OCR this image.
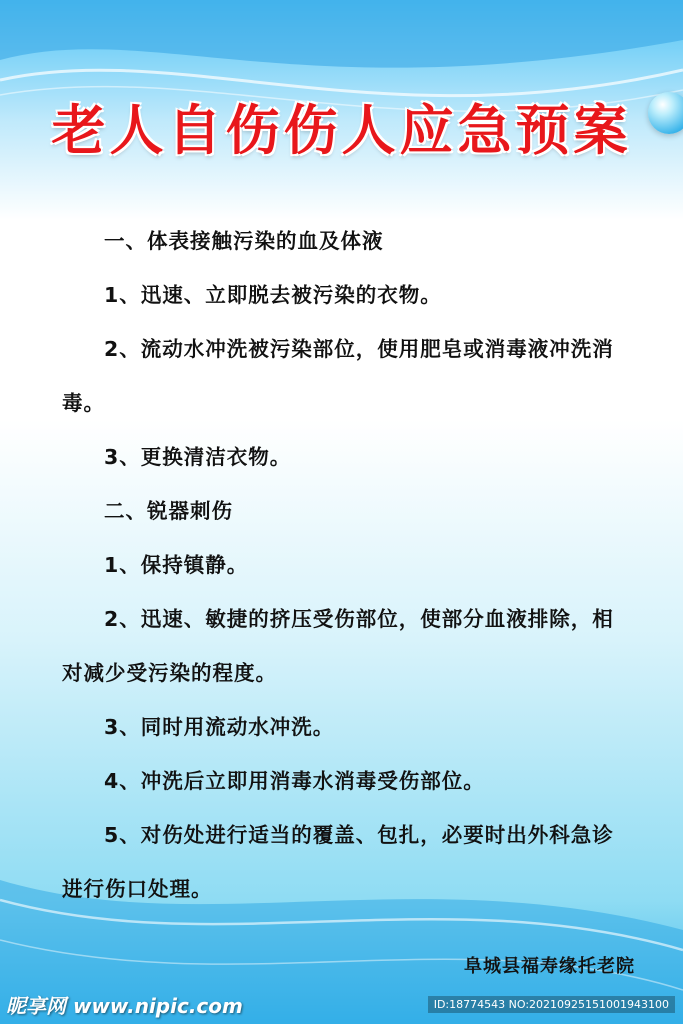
老人自伤伤人应急预案

一、体表接触污染的血及体液

1、迅速、立即脱去被污染的衣物。

2、流动水冲洗被污染部位，使用肥皂或消毒液冲洗消毒。

3、更换清洁衣物。

二、锐器刺伤

1、保持镇静。

2、迅速、敏捷的挤压受伤部位，使部分血液排除，相对减少受污染的程度。

3、同时用流动水冲洗。

4、冲洗后立即用消毒水消毒受伤部位。

5、对伤处进行适当的覆盖、包扎，必要时出外科急诊进行伤口处理。

阜城县福寿缘托老院
昵享网 www.nipic.com	ID:18774543 NO:20210925151001943100
